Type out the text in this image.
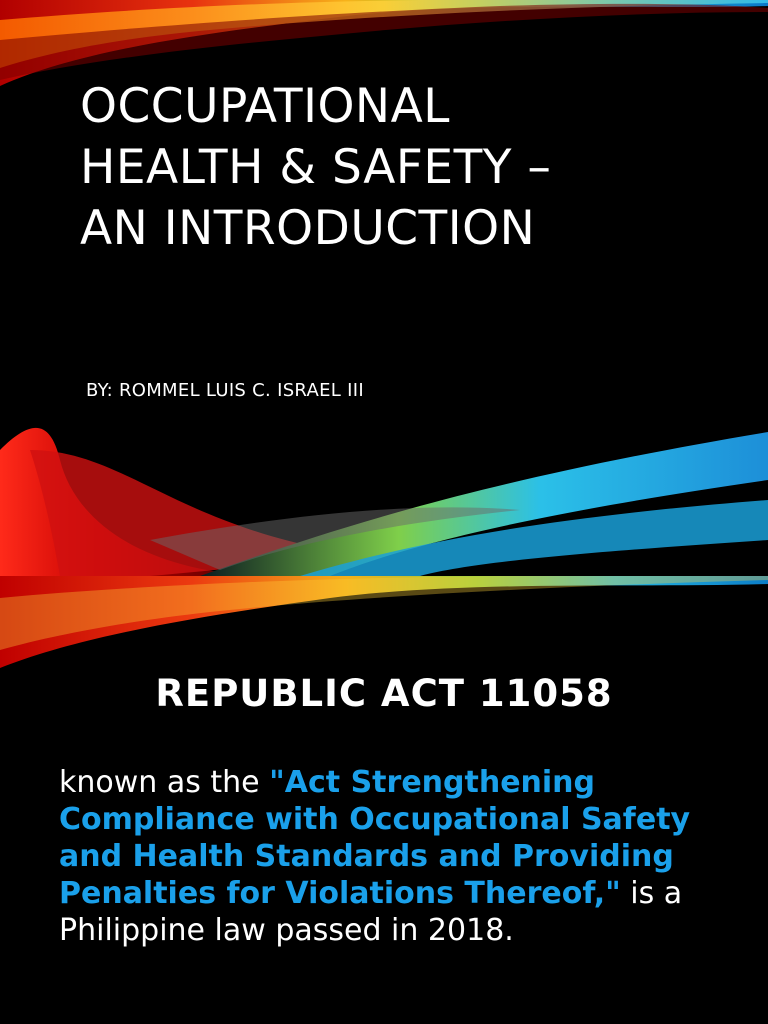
OCCUPATIONAL
HEALTH & SAFETY –
AN INTRODUCTION
BY: ROMMEL LUIS C. ISRAEL III
REPUBLIC ACT 11058

known as the "Act Strengthening Compliance with Occupational Safety and Health Standards and Providing Penalties for Violations Thereof," is a Philippine law passed in 2018.
